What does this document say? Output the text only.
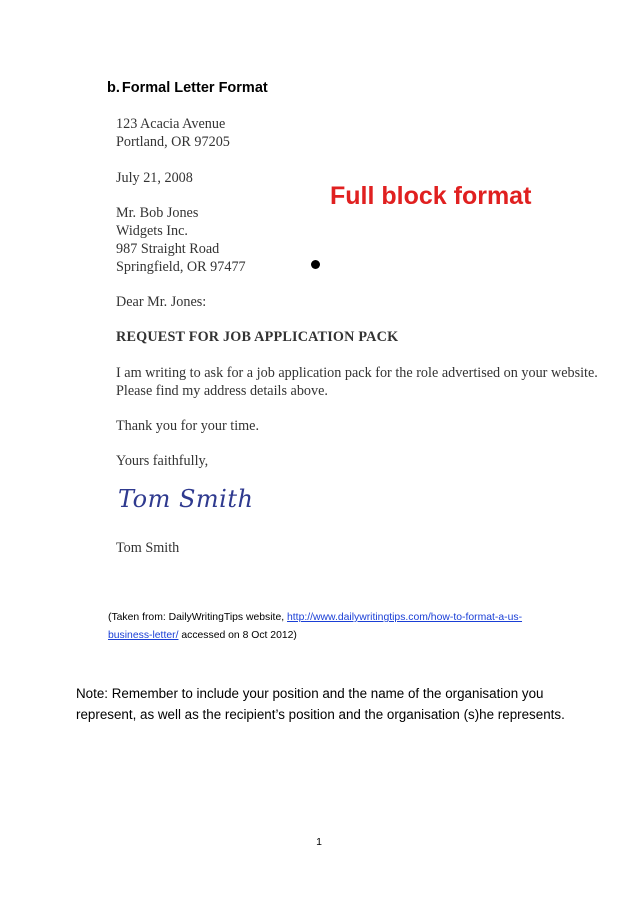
b. Formal Letter Format
123 Acacia Avenue
Portland, OR 97205
July 21, 2008
Mr. Bob Jones
Widgets Inc.
987 Straight Road
Springfield, OR 97477
Dear Mr. Jones:
REQUEST FOR JOB APPLICATION PACK
I am writing to ask for a job application pack for the role advertised on your website.
Please find my address details above.
Thank you for your time.
Yours faithfully,
Tom Smith
Tom Smith
Full block format
(Taken from: DailyWritingTips website, http://www.dailywritingtips.com/how-to-format-a-us-
business-letter/ accessed on 8 Oct 2012)
Note: Remember to include your position and the name of the organisation you represent, as well as the recipient’s position and the organisation (s)he represents.
1
